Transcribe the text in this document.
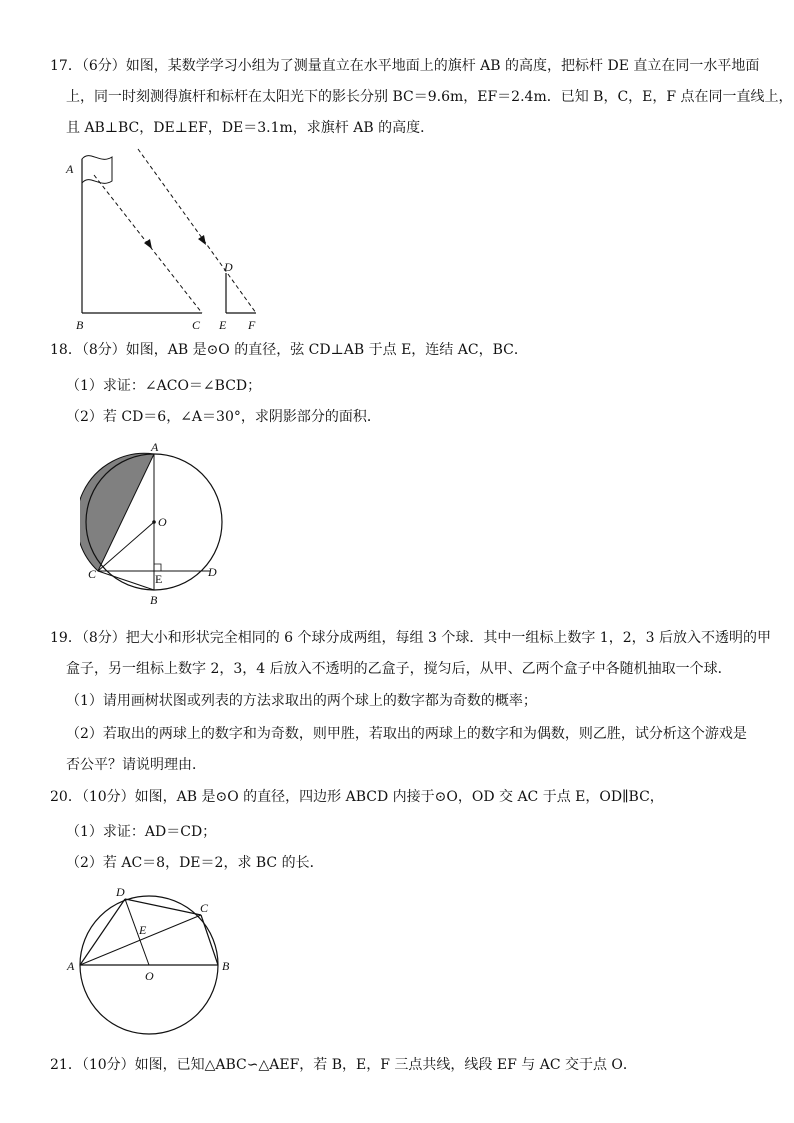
17．（6分）如图，某数学学习小组为了测量直立在水平地面上的旗杆 AB 的高度，把标杆 DE 直立在同一水平地面
上，同一时刻测得旗杆和标杆在太阳光下的影长分别 BC＝9.6m，EF＝2.4m．已知 B，C，E，F 点在同一直线上，
且 AB⊥BC，DE⊥EF，DE＝3.1m，求旗杆 AB 的高度．
A
B	C
D
E F
18．（8分）如图，AB 是⊙O 的直径，弦 CD⊥AB 于点 E，连结 AC，BC．
（1）求证：∠ACO＝∠BCD；
（2）若 CD＝6，∠A＝30°，求阴影部分的面积．
A
O
C	E	D
B
19．（8分）把大小和形状完全相同的 6 个球分成两组，每组 3 个球．其中一组标上数字 1，2，3 后放入不透明的甲
盒子，另一组标上数字 2，3，4 后放入不透明的乙盒子，搅匀后，从甲、乙两个盒子中各随机抽取一个球．
（1）请用画树状图或列表的方法求取出的两个球上的数字都为奇数的概率；
（2）若取出的两球上的数字和为奇数，则甲胜，若取出的两球上的数字和为偶数，则乙胜，试分析这个游戏是
否公平？请说明理由．
20．（10分）如图，AB 是⊙O 的直径，四边形 ABCD 内接于⊙O，OD 交 AC 于点 E，OD∥BC，
（1）求证：AD＝CD；
（2）若 AC＝8，DE＝2，求 BC 的长．
D
C
E
A
O
B
21．（10分）如图，已知△ABC∽△AEF，若 B，E，F 三点共线，线段 EF 与 AC 交于点 O．
